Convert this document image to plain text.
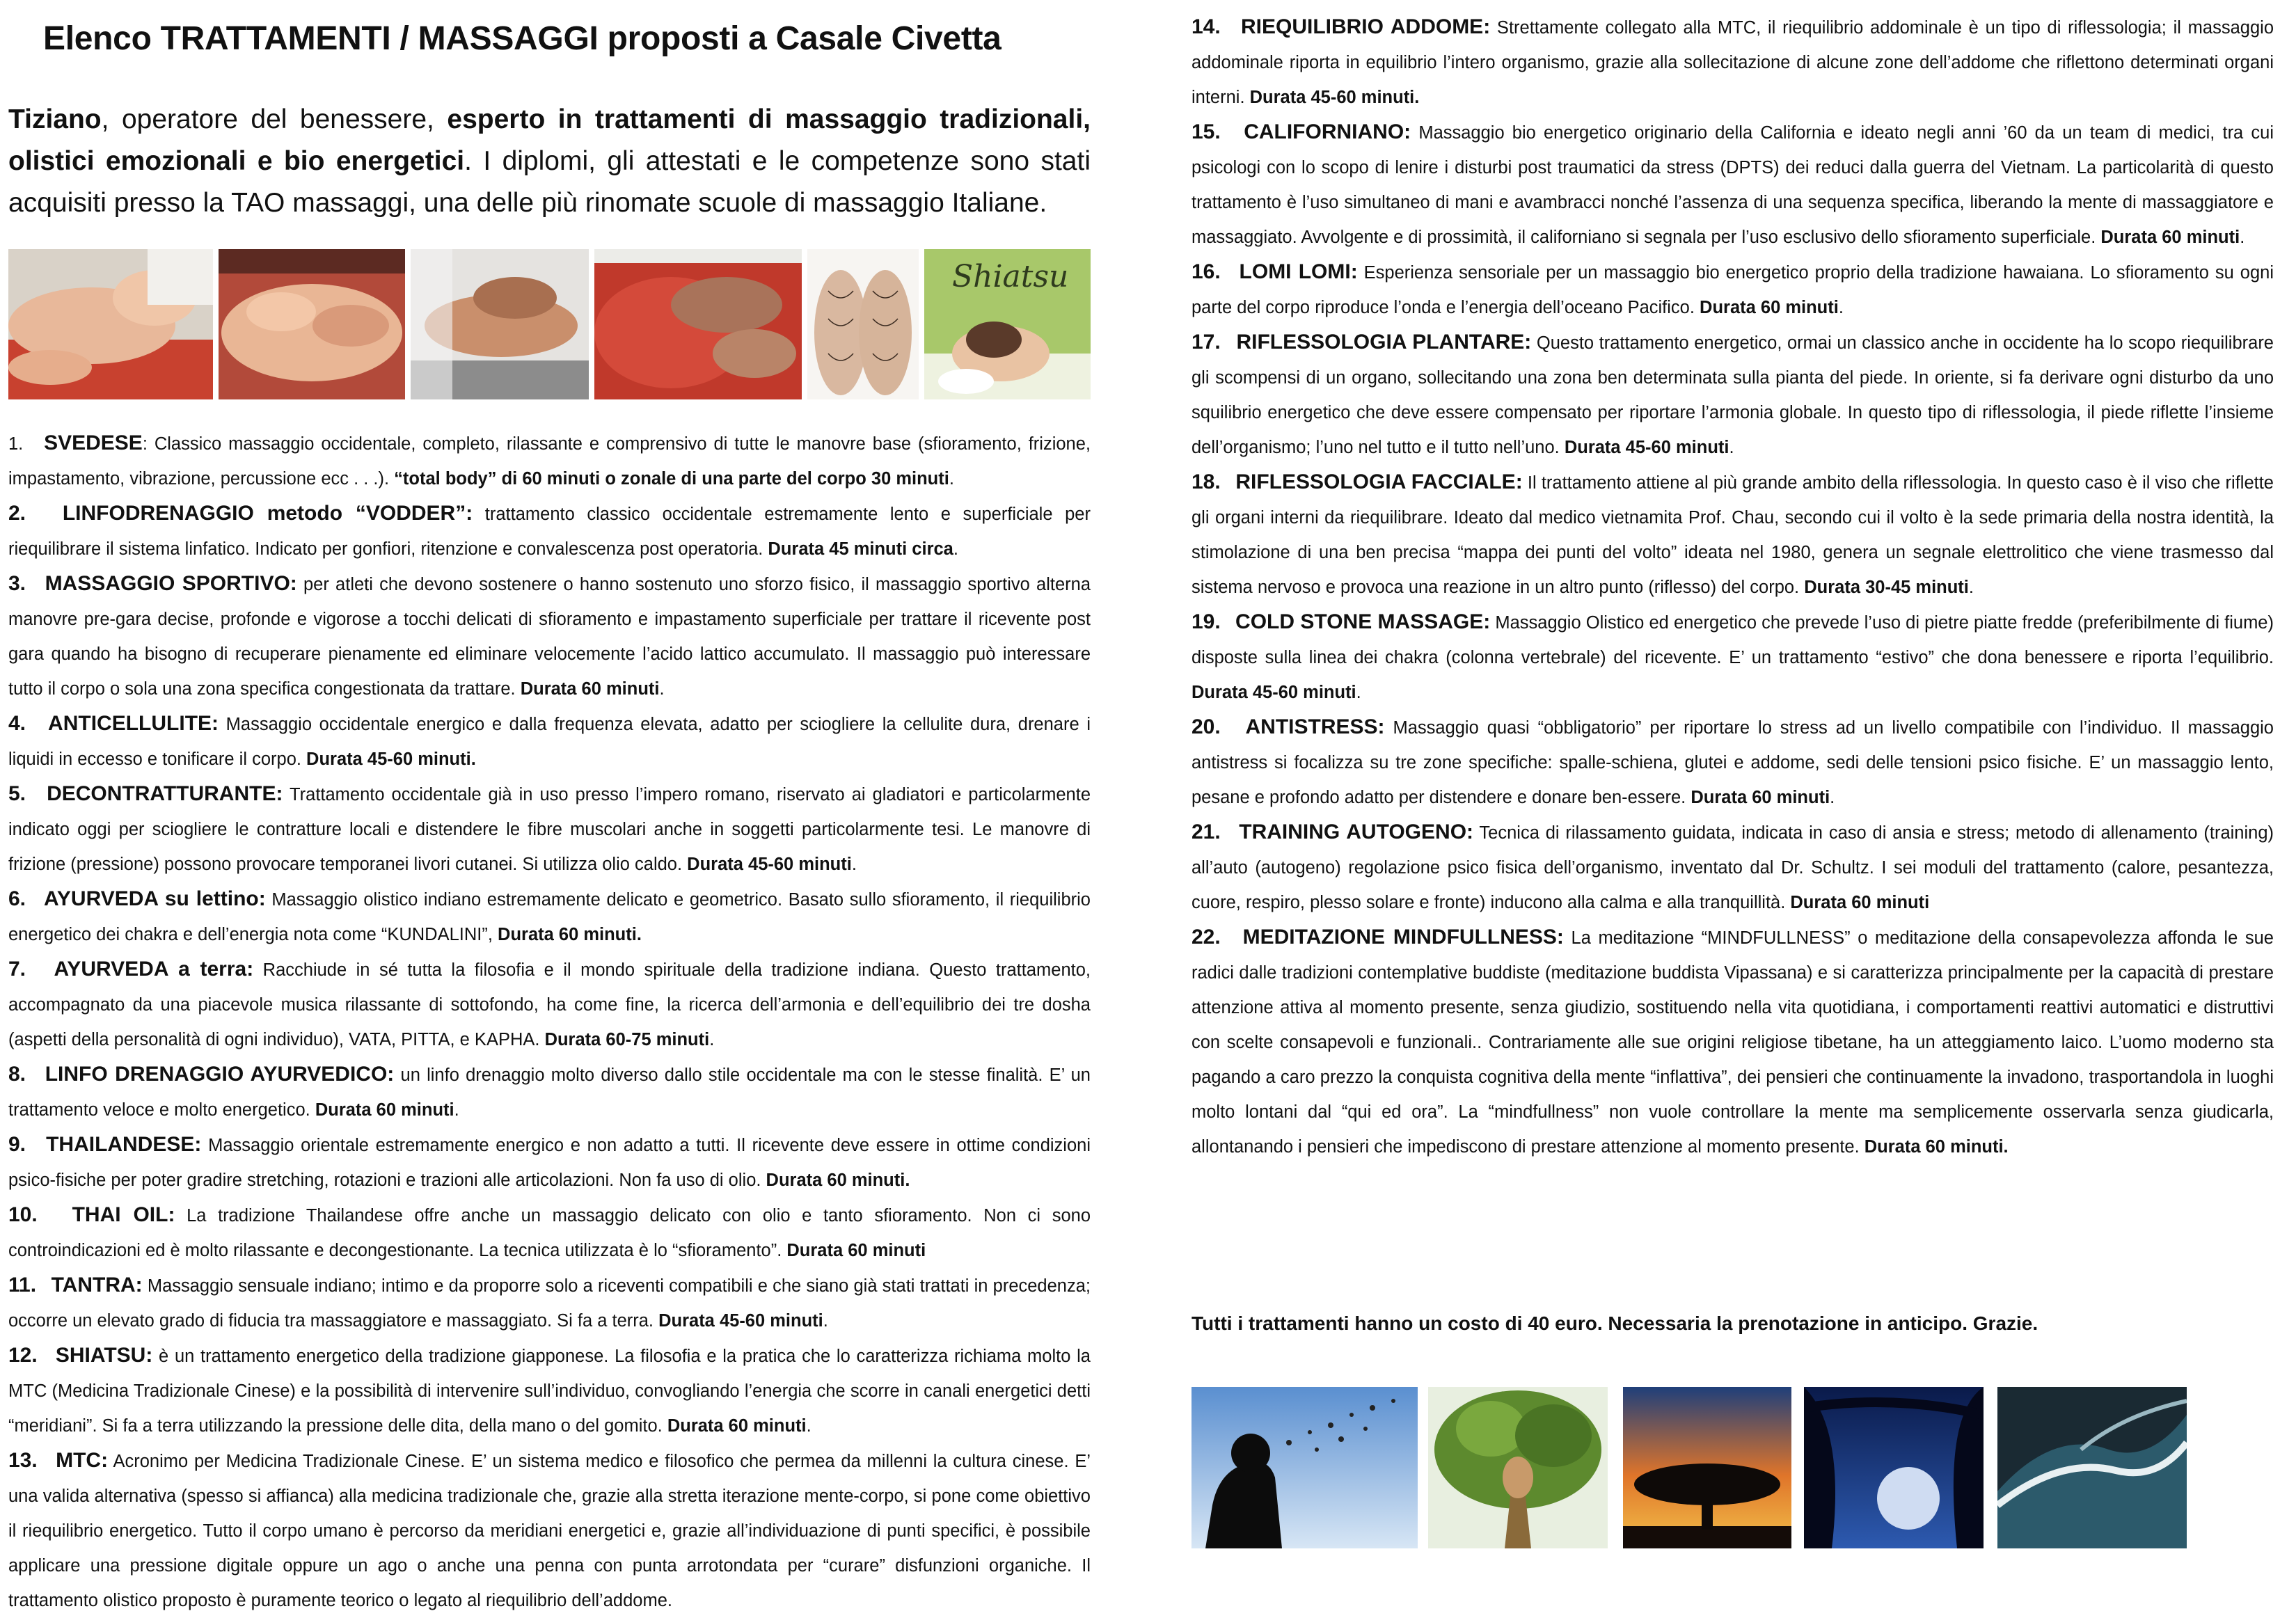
Elenco TRATTAMENTI / MASSAGGI proposti a Casale Civetta
Tiziano, operatore del benessere, esperto in trattamenti di massaggio tradizionali, olistici emozionali e bio energetici. I diplomi, gli attestati e le competenze sono stati acquisiti presso la TAO massaggi, una delle più rinomate scuole di massaggio Italiane.
Shiatsu

1. SVEDESE: Classico massaggio occidentale, completo, rilassante e comprensivo di tutte le manovre base (sfioramento, frizione, impastamento, vibrazione, percussione ecc . . .). “total body” di 60 minuti o zonale di una parte del corpo 30 minuti.

2. LINFODRENAGGIO metodo “VODDER”: trattamento classico occidentale estremamente lento e superficiale per riequilibrare il sistema linfatico. Indicato per gonfiori, ritenzione e convalescenza post operatoria. Durata 45 minuti circa.

3. MASSAGGIO SPORTIVO: per atleti che devono sostenere o hanno sostenuto uno sforzo fisico, il massaggio sportivo alterna manovre pre-gara decise, profonde e vigorose a tocchi delicati di sfioramento e impastamento superficiale per trattare il ricevente post gara quando ha bisogno di recuperare pienamente ed eliminare velocemente l’acido lattico accumulato. Il massaggio può interessare tutto il corpo o sola una zona specifica congestionata da trattare. Durata 60 minuti.

4. ANTICELLULITE: Massaggio occidentale energico e dalla frequenza elevata, adatto per sciogliere la cellulite dura, drenare i liquidi in eccesso e tonificare il corpo. Durata 45-60 minuti.

5. DECONTRATTURANTE: Trattamento occidentale già in uso presso l’impero romano, riservato ai gladiatori e particolarmente indicato oggi per sciogliere le contratture locali e distendere le fibre muscolari anche in soggetti particolarmente tesi. Le manovre di frizione (pressione) possono provocare temporanei livori cutanei. Si utilizza olio caldo. Durata 45-60 minuti.

6. AYURVEDA su lettino: Massaggio olistico indiano estremamente delicato e geometrico. Basato sullo sfioramento, il riequilibrio energetico dei chakra e dell’energia nota come “KUNDALINI”, Durata 60 minuti.

7. AYURVEDA a terra: Racchiude in sé tutta la filosofia e il mondo spirituale della tradizione indiana. Questo trattamento, accompagnato da una piacevole musica rilassante di sottofondo, ha come fine, la ricerca dell’armonia e dell’equilibrio dei tre dosha (aspetti della personalità di ogni individuo), VATA, PITTA, e KAPHA. Durata 60-75 minuti.

8. LINFO DRENAGGIO AYURVEDICO: un linfo drenaggio molto diverso dallo stile occidentale ma con le stesse finalità. E’ un trattamento veloce e molto energetico. Durata 60 minuti.

9. THAILANDESE: Massaggio orientale estremamente energico e non adatto a tutti. Il ricevente deve essere in ottime condizioni psico-fisiche per poter gradire stretching, rotazioni e trazioni alle articolazioni. Non fa uso di olio. Durata 60 minuti.

10. THAI OIL: La tradizione Thailandese offre anche un massaggio delicato con olio e tanto sfioramento. Non ci sono controindicazioni ed è molto rilassante e decongestionante. La tecnica utilizzata è lo “sfioramento”. Durata 60 minuti

11. TANTRA: Massaggio sensuale indiano; intimo e da proporre solo a riceventi compatibili e che siano già stati trattati in precedenza; occorre un elevato grado di fiducia tra massaggiatore e massaggiato. Si fa a terra. Durata 45-60 minuti.

12. SHIATSU: è un trattamento energetico della tradizione giapponese. La filosofia e la pratica che lo caratterizza richiama molto la MTC (Medicina Tradizionale Cinese) e la possibilità di intervenire sull’individuo, convogliando l’energia che scorre in canali energetici detti “meridiani”. Si fa a terra utilizzando la pressione delle dita, della mano o del gomito. Durata 60 minuti.

13. MTC: Acronimo per Medicina Tradizionale Cinese. E’ un sistema medico e filosofico che permea da millenni la cultura cinese. E’ una valida alternativa (spesso si affianca) alla medicina tradizionale che, grazie alla stretta iterazione mente-corpo, si pone come obiettivo il riequilibrio energetico. Tutto il corpo umano è percorso da meridiani energetici e, grazie all’individuazione di punti specifici, è possibile applicare una pressione digitale oppure un ago o anche una penna con punta arrotondata per “curare” disfunzioni organiche. Il trattamento olistico proposto è puramente teorico o legato al riequilibrio dell’addome.

14. RIEQUILIBRIO ADDOME: Strettamente collegato alla MTC, il riequilibrio addominale è un tipo di riflessologia; il massaggio addominale riporta in equilibrio l’intero organismo, grazie alla sollecitazione di alcune zone dell’addome che riflettono determinati organi interni. Durata 45-60 minuti.

15. CALIFORNIANO: Massaggio bio energetico originario della California e ideato negli anni ’60 da un team di medici, tra cui psicologi con lo scopo di lenire i disturbi post traumatici da stress (DPTS) dei reduci dalla guerra del Vietnam. La particolarità di questo trattamento è l’uso simultaneo di mani e avambracci nonché l’assenza di una sequenza specifica, liberando la mente di massaggiatore e massaggiato. Avvolgente e di prossimità, il californiano si segnala per l’uso esclusivo dello sfioramento superficiale. Durata 60 minuti.

16. LOMI LOMI: Esperienza sensoriale per un massaggio bio energetico proprio della tradizione hawaiana. Lo sfioramento su ogni parte del corpo riproduce l’onda e l’energia dell’oceano Pacifico. Durata 60 minuti.

17. RIFLESSOLOGIA PLANTARE: Questo trattamento energetico, ormai un classico anche in occidente ha lo scopo riequilibrare gli scompensi di un organo, sollecitando una zona ben determinata sulla pianta del piede. In oriente, si fa derivare ogni disturbo da uno squilibrio energetico che deve essere compensato per riportare l’armonia globale. In questo tipo di riflessologia, il piede riflette l’insieme dell’organismo; l’uno nel tutto e il tutto nell’uno. Durata 45-60 minuti.

18. RIFLESSOLOGIA FACCIALE: Il trattamento attiene al più grande ambito della riflessologia. In questo caso è il viso che riflette gli organi interni da riequilibrare. Ideato dal medico vietnamita Prof. Chau, secondo cui il volto è la sede primaria della nostra identità, la stimolazione di una ben precisa “mappa dei punti del volto” ideata nel 1980, genera un segnale elettrolitico che viene trasmesso dal sistema nervoso e provoca una reazione in un altro punto (riflesso) del corpo. Durata 30-45 minuti.

19. COLD STONE MASSAGE: Massaggio Olistico ed energetico che prevede l’uso di pietre piatte fredde (preferibilmente di fiume) disposte sulla linea dei chakra (colonna vertebrale) del ricevente. E’ un trattamento “estivo” che dona benessere e riporta l’equilibrio. Durata 45-60 minuti.

20. ANTISTRESS: Massaggio quasi “obbligatorio” per riportare lo stress ad un livello compatibile con l’individuo. Il massaggio antistress si focalizza su tre zone specifiche: spalle-schiena, glutei e addome, sedi delle tensioni psico fisiche. E’ un massaggio lento, pesane e profondo adatto per distendere e donare ben-essere. Durata 60 minuti.

21. TRAINING AUTOGENO: Tecnica di rilassamento guidata, indicata in caso di ansia e stress; metodo di allenamento (training) all’auto (autogeno) regolazione psico fisica dell’organismo, inventato dal Dr. Schultz. I sei moduli del trattamento (calore, pesantezza, cuore, respiro, plesso solare e fronte) inducono alla calma e alla tranquillità. Durata 60 minuti

22. MEDITAZIONE MINDFULLNESS: La meditazione “MINDFULLNESS” o meditazione della consapevolezza affonda le sue radici dalle tradizioni contemplative buddiste (meditazione buddista Vipassana) e si caratterizza principalmente per la capacità di prestare attenzione attiva al momento presente, senza giudizio, sostituendo nella vita quotidiana, i comportamenti reattivi automatici e distruttivi con scelte consapevoli e funzionali.. Contrariamente alle sue origini religiose tibetane, ha un atteggiamento laico. L’uomo moderno sta pagando a caro prezzo la conquista cognitiva della mente “inflattiva”, dei pensieri che continuamente la invadono, trasportandola in luoghi molto lontani dal “qui ed ora”. La “mindfullness” non vuole controllare la mente ma semplicemente osservarla senza giudicarla, allontanando i pensieri che impediscono di prestare attenzione al momento presente. Durata 60 minuti.

Tutti i trattamenti hanno un costo di 40 euro. Necessaria la prenotazione in anticipo. Grazie.
